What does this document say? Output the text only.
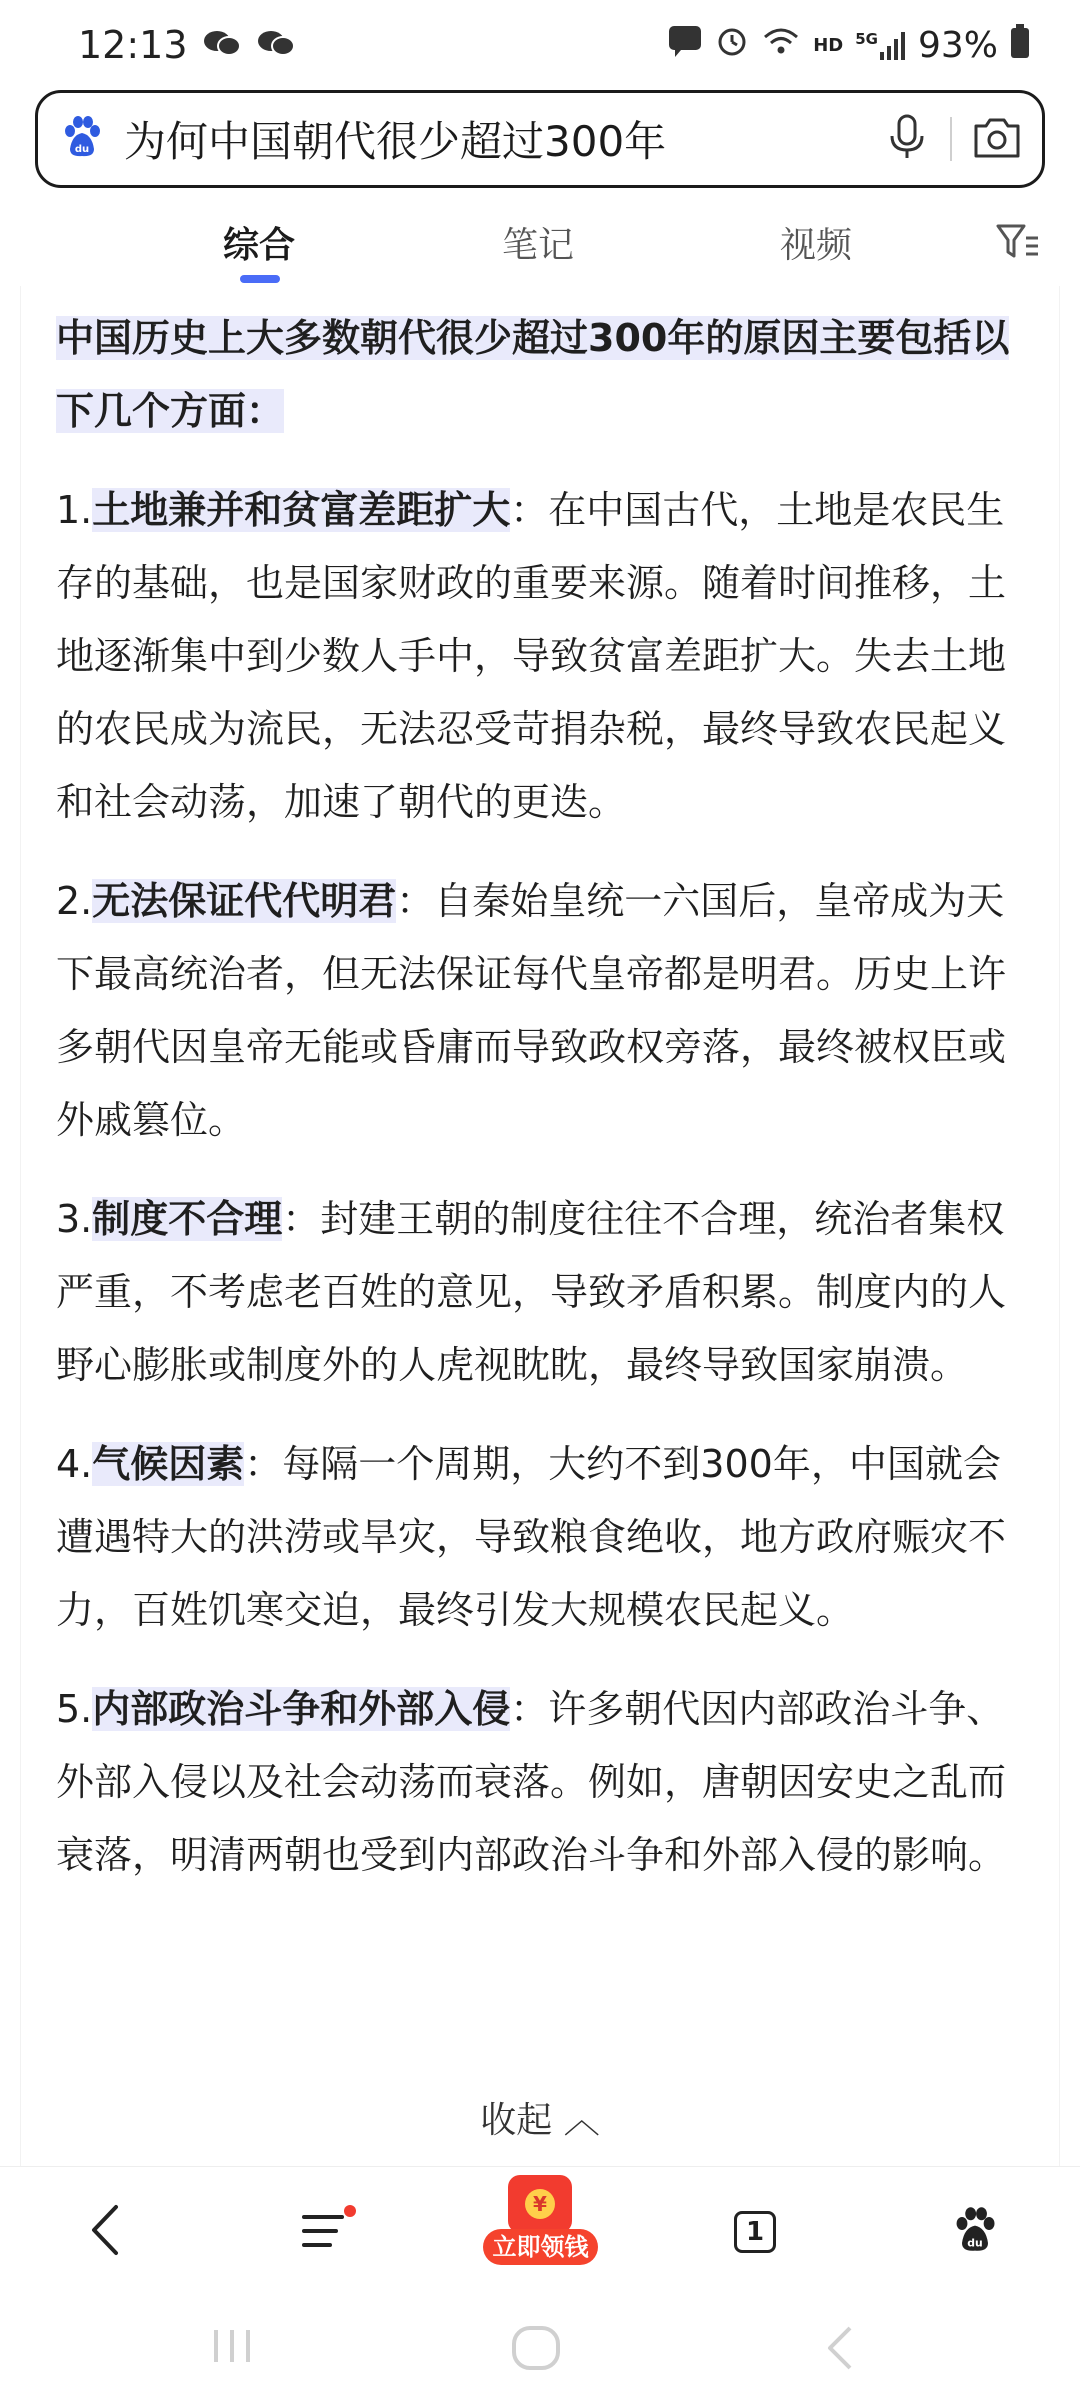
12:13	HD 5G 93%
du 为何中国朝代很少超过300年
综合	笔记	视频
中国历史上大多数朝代很少超过300年的原因主要包括以下几个方面：
1.土地兼并和贫富差距扩大：在中国古代，土地是农民生存的基础，也是国家财政的重要来源。随着时间推移，土地逐渐集中到少数人手中，导致贫富差距扩大。失去土地的农民成为流民，无法忍受苛捐杂税，最终导致农民起义和社会动荡，加速了朝代的更迭。
2.无法保证代代明君：自秦始皇统一六国后，皇帝成为天下最高统治者，但无法保证每代皇帝都是明君。历史上许多朝代因皇帝无能或昏庸而导致政权旁落，最终被权臣或外戚篡位。
3.制度不合理：封建王朝的制度往往不合理，统治者集权严重，不考虑老百姓的意见，导致矛盾积累。制度内的人野心膨胀或制度外的人虎视眈眈，最终导致国家崩溃。
4.气候因素：每隔一个周期，大约不到300年，中国就会遭遇特大的洪涝或旱灾，导致粮食绝收，地方政府赈灾不力，百姓饥寒交迫，最终引发大规模农民起义。
5.内部政治斗争和外部入侵：许多朝代因内部政治斗争、外部入侵以及社会动荡而衰落。例如，唐朝因安史之乱而衰落，明清两朝也受到内部政治斗争和外部入侵的影响。
收起 ︿
1	du
¥
立即领钱
